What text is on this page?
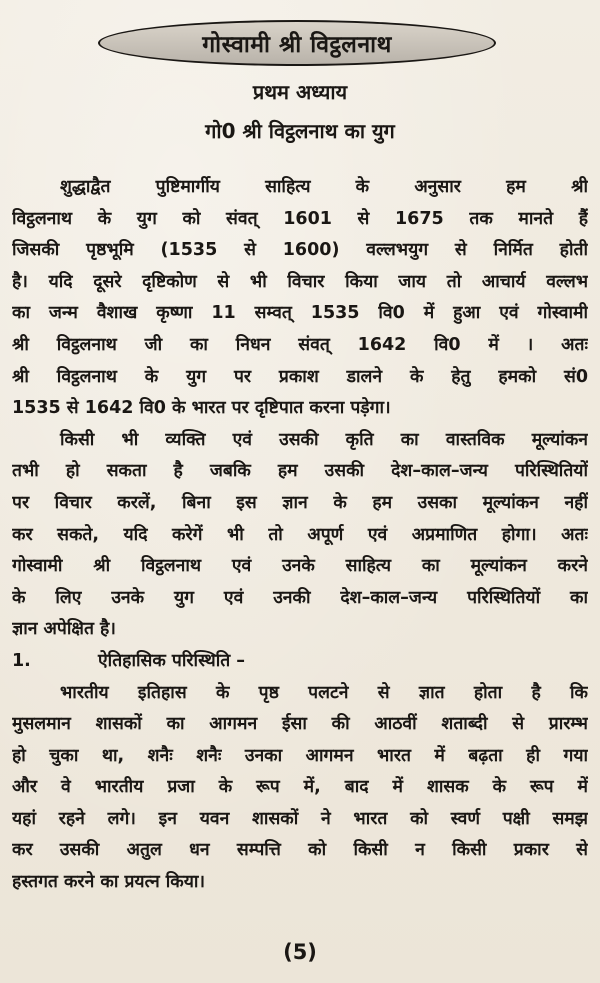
गोस्वामी श्री विट्ठलनाथ
प्रथम अध्याय
गो0 श्री विट्ठलनाथ का युग
शुद्धाद्वैत पुष्टिमार्गीय साहित्य के अनुसार हम श्री
विट्ठलनाथ के युग को संवत् 1601 से 1675 तक मानते हैं
जिसकी पृष्ठभूमि (1535 से 1600) वल्लभयुग से निर्मित होती
है। यदि दूसरे दृष्टिकोण से भी विचार किया जाय तो आचार्य वल्लभ
का जन्म वैशाख कृष्णा 11 सम्वत् 1535 वि0 में हुआ एवं गोस्वामी
श्री विट्ठलनाथ जी का निधन संवत् 1642 वि0 में । अतः
श्री विट्ठलनाथ के युग पर प्रकाश डालने के हेतु हमको सं0
1535 से 1642 वि0 के भारत पर दृष्टिपात करना पड़ेगा।
किसी भी व्यक्ति एवं उसकी कृति का वास्तविक मूल्यांकन
तभी हो सकता है जबकि हम उसकी देश–काल–जन्य परिस्थितियों
पर विचार करलें, बिना इस ज्ञान के हम उसका मूल्यांकन नहीं
कर सकते, यदि करेगें भी तो अपूर्ण एवं अप्रमाणित होगा। अतः
गोस्वामी श्री विट्ठलनाथ एवं उनके साहित्य का मूल्यांकन करने
के लिए उनके युग एवं उनकी देश–काल–जन्य परिस्थितियों का
ज्ञान अपेक्षित है।
1.	ऐतिहासिक परिस्थिति –
भारतीय इतिहास के पृष्ठ पलटने से ज्ञात होता है कि
मुसलमान शासकों का आगमन ईसा की आठवीं शताब्दी से प्रारम्भ
हो चुका था, शनैः शनैः उनका आगमन भारत में बढ़ता ही गया
और वे भारतीय प्रजा के रूप में, बाद में शासक के रूप में
यहां रहने लगे। इन यवन शासकों ने भारत को स्वर्ण पक्षी समझ
कर उसकी अतुल धन सम्पत्ति को किसी न किसी प्रकार से
हस्तगत करने का प्रयत्न किया।
(5)
